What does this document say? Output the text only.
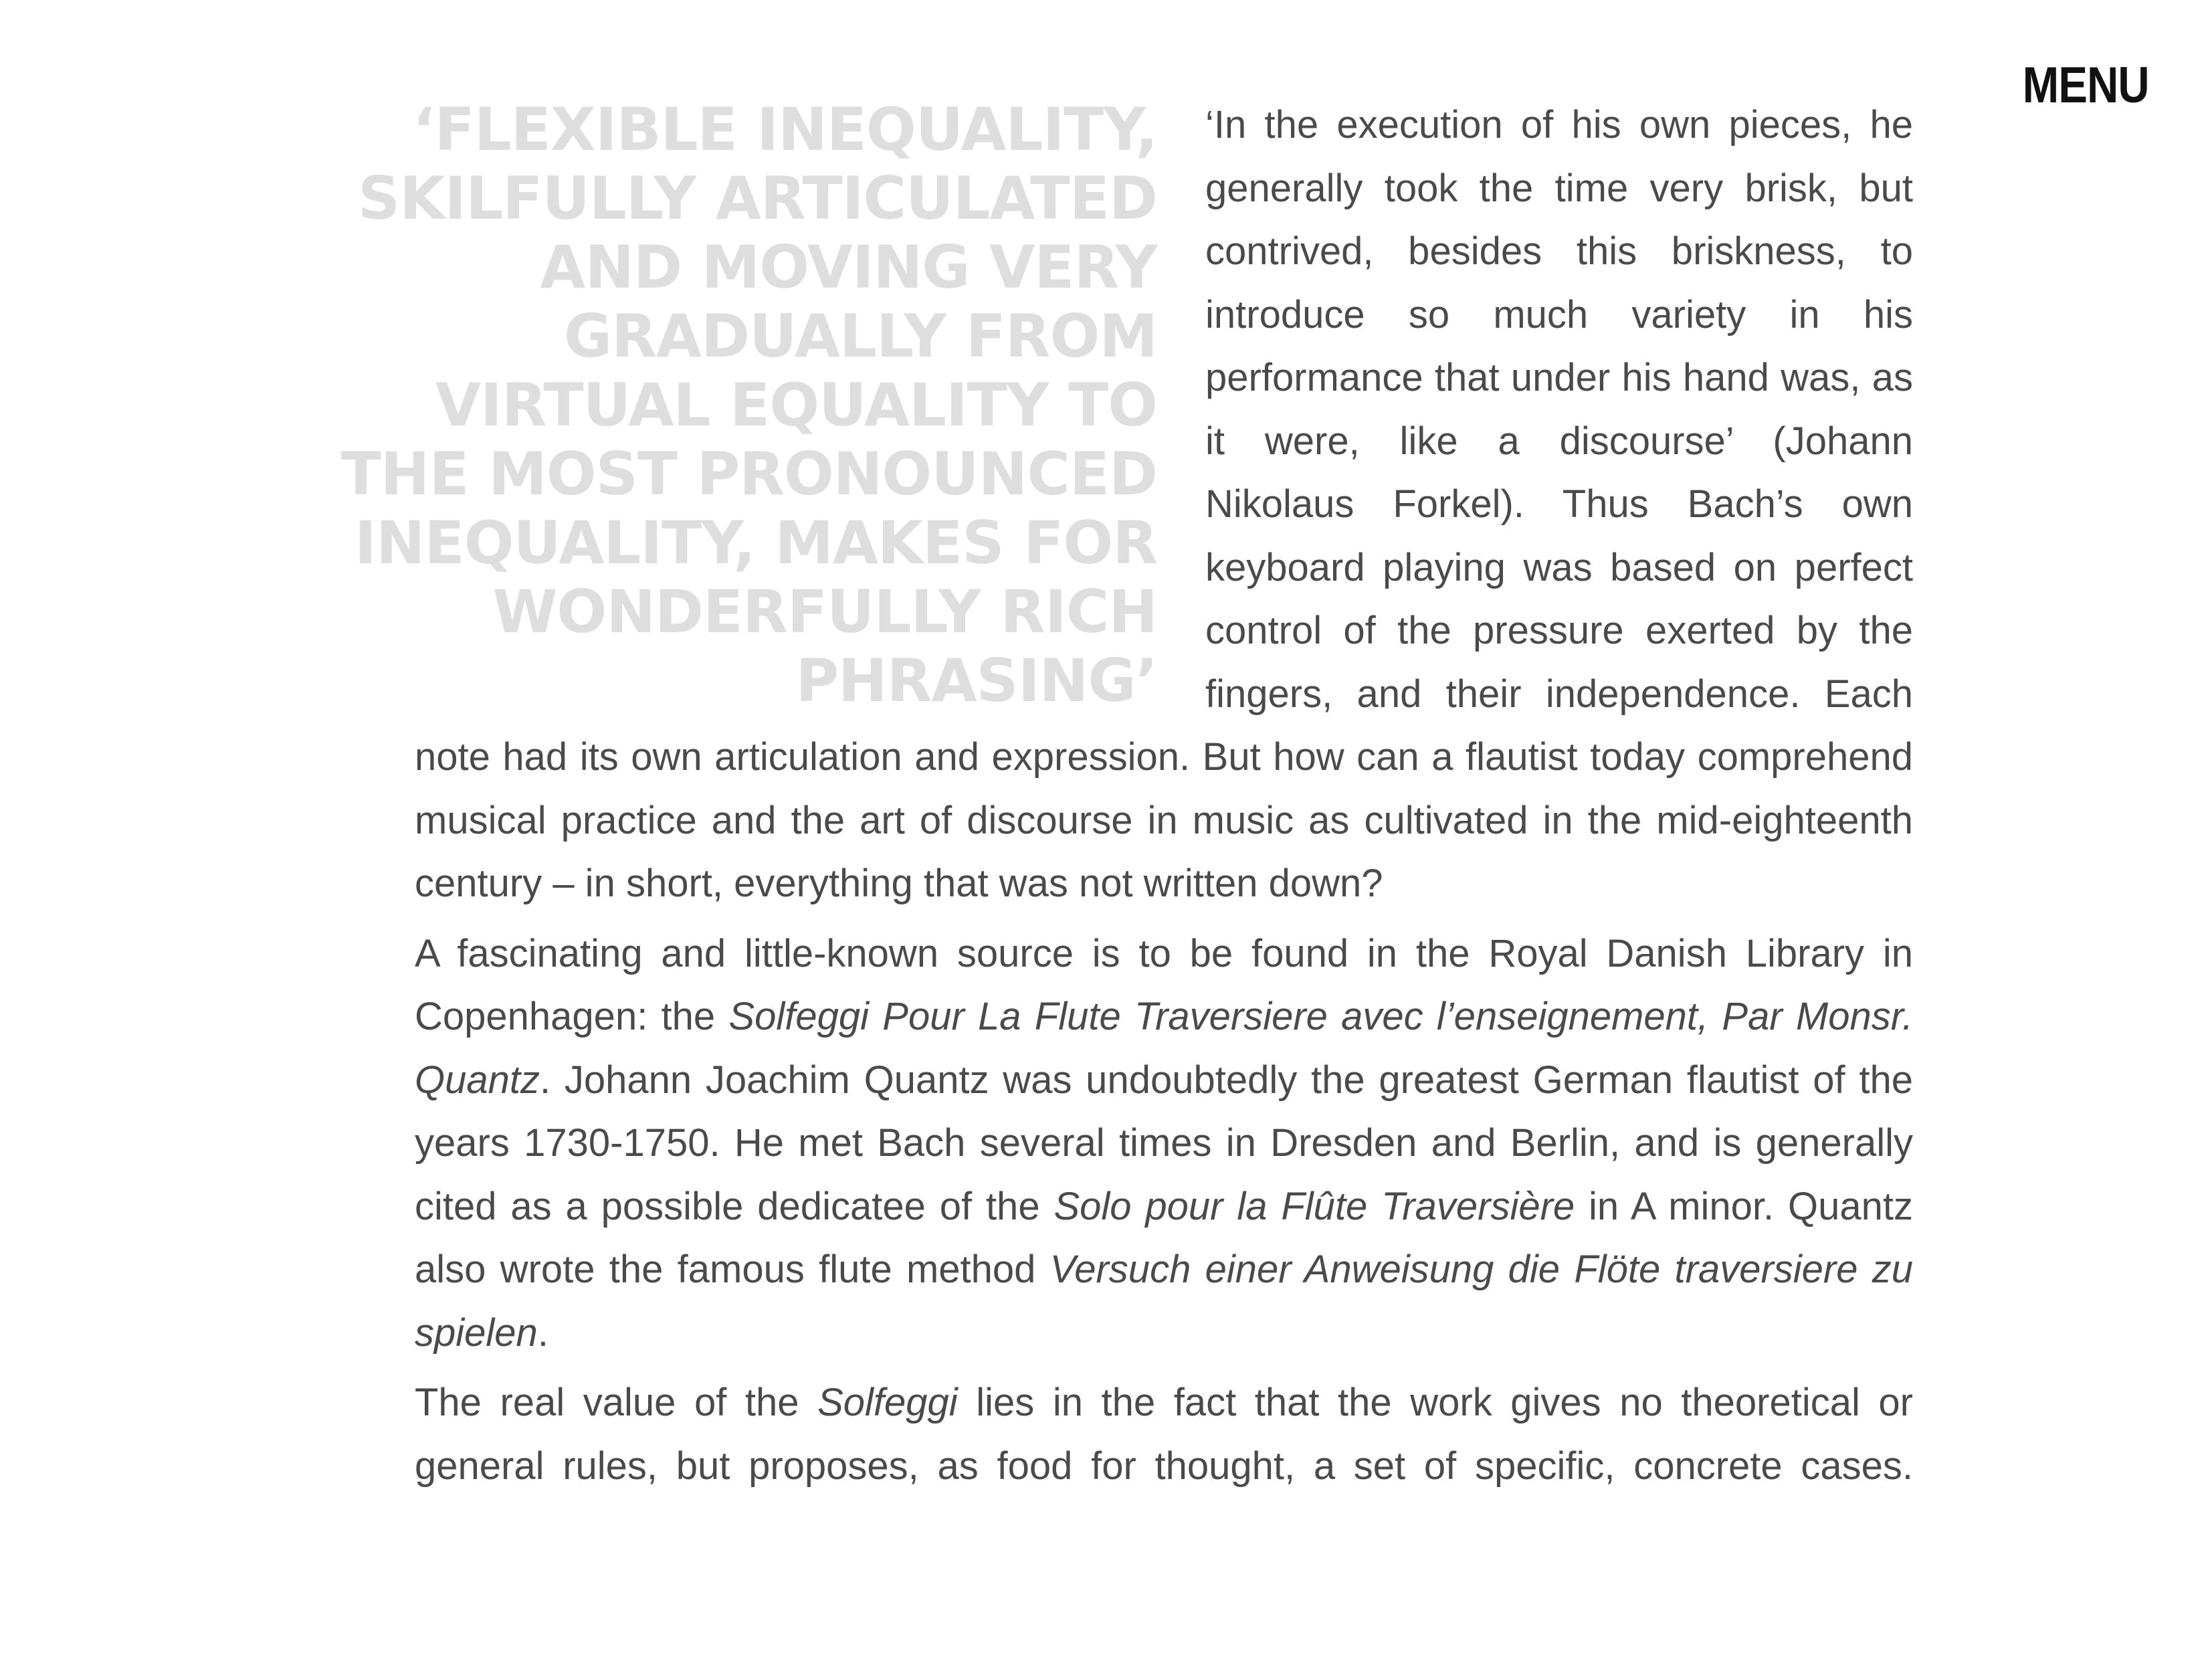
MENU
‘FLEXIBLE INEQUALITY, SKILFULLY ARTICULATED AND MOVING VERY GRADUALLY FROM VIRTUAL EQUALITY TO THE MOST PRONOUNCED INEQUALITY, MAKES FOR WONDERFULLY RICH PHRASING’

‘In the execution of his own pieces, he generally took the time very brisk, but contrived, besides this briskness, to introduce so much variety in his performance that under his hand was, as it were, like a discourse’ (Johann Nikolaus Forkel). Thus Bach’s own keyboard playing was based on perfect control of the pressure exerted by the fingers, and their independence. Each note had its own articulation and expression. But how can a flautist today comprehend musical practice and the art of discourse in music as cultivated in the mid-eighteenth century – in short, everything that was not written down?

A fascinating and little-known source is to be found in the Royal Danish Library in Copenhagen: the Solfeggi Pour La Flute Traversiere avec l’enseignement, Par Monsr. Quantz. Johann Joachim Quantz was undoubtedly the greatest German flautist of the years 1730-1750. He met Bach several times in Dresden and Berlin, and is generally cited as a possible dedicatee of the Solo pour la Flûte Traversière in A minor. Quantz also wrote the famous flute method Versuch einer Anweisung die Flöte traversiere zu spielen.

The real value of the Solfeggi lies in the fact that the work gives no theoretical or general rules, but proposes, as food for thought, a set of specific, concrete cases.
